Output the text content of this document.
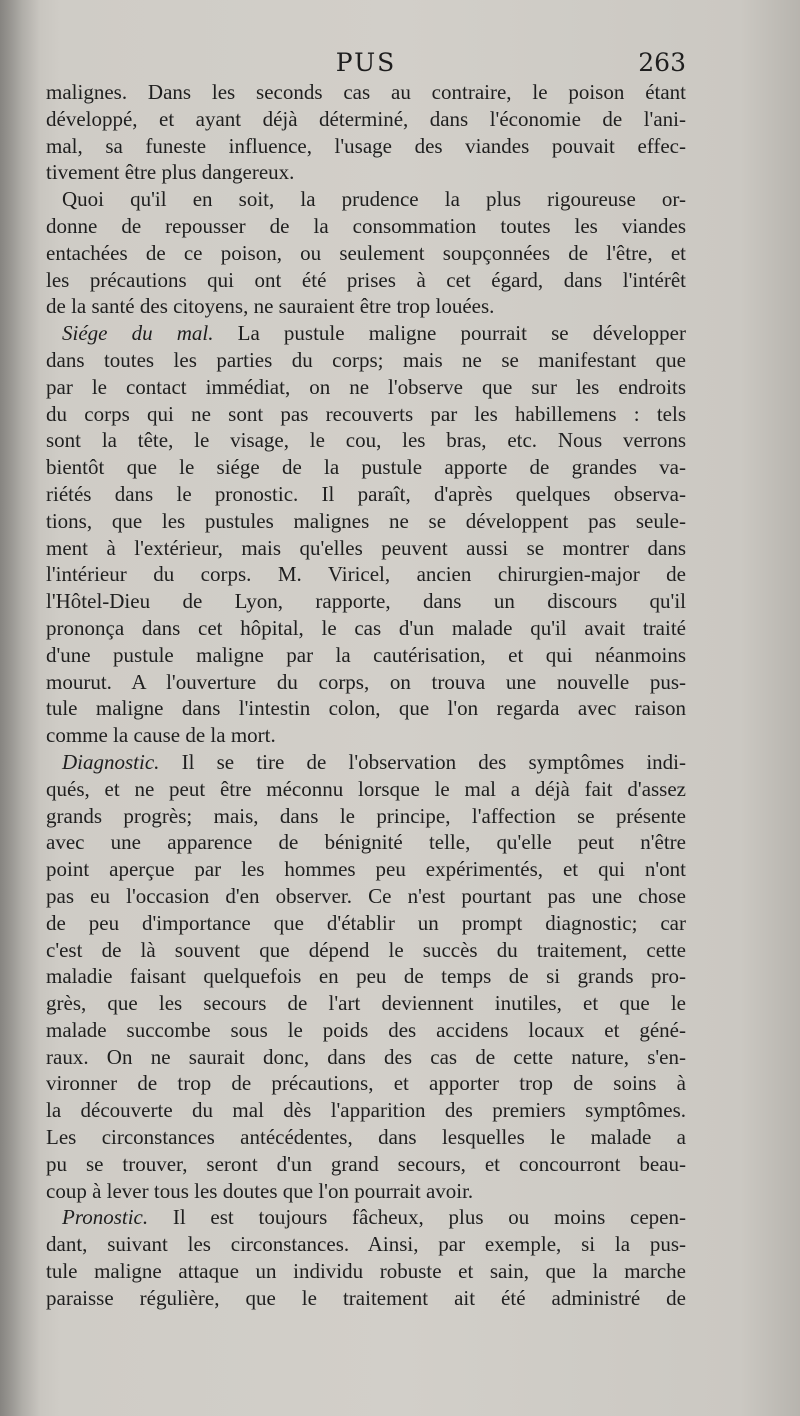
PUS	263
malignes. Dans les seconds cas au contraire, le poison étant
développé, et ayant déjà déterminé, dans l'économie de l'ani-
mal, sa funeste influence, l'usage des viandes pouvait effec-
tivement être plus dangereux.
Quoi qu'il en soit, la prudence la plus rigoureuse or-
donne de repousser de la consommation toutes les viandes
entachées de ce poison, ou seulement soupçonnées de l'être, et
les précautions qui ont été prises à cet égard, dans l'intérêt
de la santé des citoyens, ne sauraient être trop louées.
Siége du mal. La pustule maligne pourrait se développer
dans toutes les parties du corps; mais ne se manifestant que
par le contact immédiat, on ne l'observe que sur les endroits
du corps qui ne sont pas recouverts par les habillemens : tels
sont la tête, le visage, le cou, les bras, etc. Nous verrons
bientôt que le siége de la pustule apporte de grandes va-
riétés dans le pronostic. Il paraît, d'après quelques observa-
tions, que les pustules malignes ne se développent pas seule-
ment à l'extérieur, mais qu'elles peuvent aussi se montrer dans
l'intérieur du corps. M. Viricel, ancien chirurgien-major de
l'Hôtel-Dieu de Lyon, rapporte, dans un discours qu'il
prononça dans cet hôpital, le cas d'un malade qu'il avait traité
d'une pustule maligne par la cautérisation, et qui néanmoins
mourut. A l'ouverture du corps, on trouva une nouvelle pus-
tule maligne dans l'intestin colon, que l'on regarda avec raison
comme la cause de la mort.
Diagnostic. Il se tire de l'observation des symptômes indi-
qués, et ne peut être méconnu lorsque le mal a déjà fait d'assez
grands progrès; mais, dans le principe, l'affection se présente
avec une apparence de bénignité telle, qu'elle peut n'être
point aperçue par les hommes peu expérimentés, et qui n'ont
pas eu l'occasion d'en observer. Ce n'est pourtant pas une chose
de peu d'importance que d'établir un prompt diagnostic; car
c'est de là souvent que dépend le succès du traitement, cette
maladie faisant quelquefois en peu de temps de si grands pro-
grès, que les secours de l'art deviennent inutiles, et que le
malade succombe sous le poids des accidens locaux et géné-
raux. On ne saurait donc, dans des cas de cette nature, s'en-
vironner de trop de précautions, et apporter trop de soins à
la découverte du mal dès l'apparition des premiers symptômes.
Les circonstances antécédentes, dans lesquelles le malade a
pu se trouver, seront d'un grand secours, et concourront beau-
coup à lever tous les doutes que l'on pourrait avoir.
Pronostic. Il est toujours fâcheux, plus ou moins cepen-
dant, suivant les circonstances. Ainsi, par exemple, si la pus-
tule maligne attaque un individu robuste et sain, que la marche
paraisse régulière, que le traitement ait été administré de
